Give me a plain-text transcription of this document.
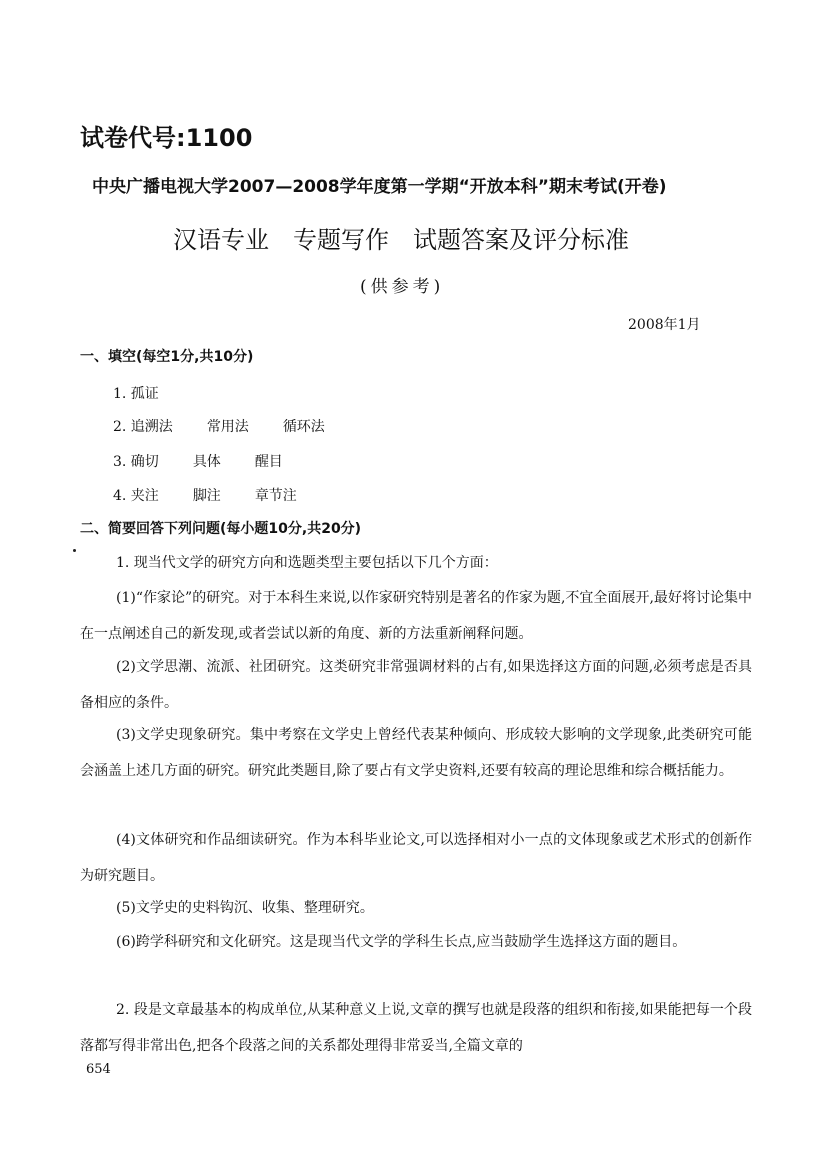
试卷代号:1100
中央广播电视大学2007—2008学年度第一学期“开放本科”期末考试(开卷)
汉语专业　专题写作　试题答案及评分标准
(供参考)
2008年1月
一、填空(每空1分,共10分)
1. 孤证
2. 追溯法 常用法 循环法
3. 确切 具体 醒目
4. 夹注 脚注 章节注
二、简要回答下列问题(每小题10分,共20分)
1. 现当代文学的研究方向和选题类型主要包括以下几个方面：
(1)“作家论”的研究。对于本科生来说,以作家研究特别是著名的作家为题,不宜全面展开,最好将讨论集中在一点阐述自己的新发现,或者尝试以新的角度、新的方法重新阐释问题。
(2)文学思潮、流派、社团研究。这类研究非常强调材料的占有,如果选择这方面的问题,必须考虑是否具备相应的条件。
(3)文学史现象研究。集中考察在文学史上曾经代表某种倾向、形成较大影响的文学现象,此类研究可能会涵盖上述几方面的研究。研究此类题目,除了要占有文学史资料,还要有较高的理论思维和综合概括能力。
(4)文体研究和作品细读研究。作为本科毕业论文,可以选择相对小一点的文体现象或艺术形式的创新作为研究题目。
(5)文学史的史料钩沉、收集、整理研究。
(6)跨学科研究和文化研究。这是现当代文学的学科生长点,应当鼓励学生选择这方面的题目。
2. 段是文章最基本的构成单位,从某种意义上说,文章的撰写也就是段落的组织和衔接,如果能把每一个段落都写得非常出色,把各个段落之间的关系都处理得非常妥当,全篇文章的
654
